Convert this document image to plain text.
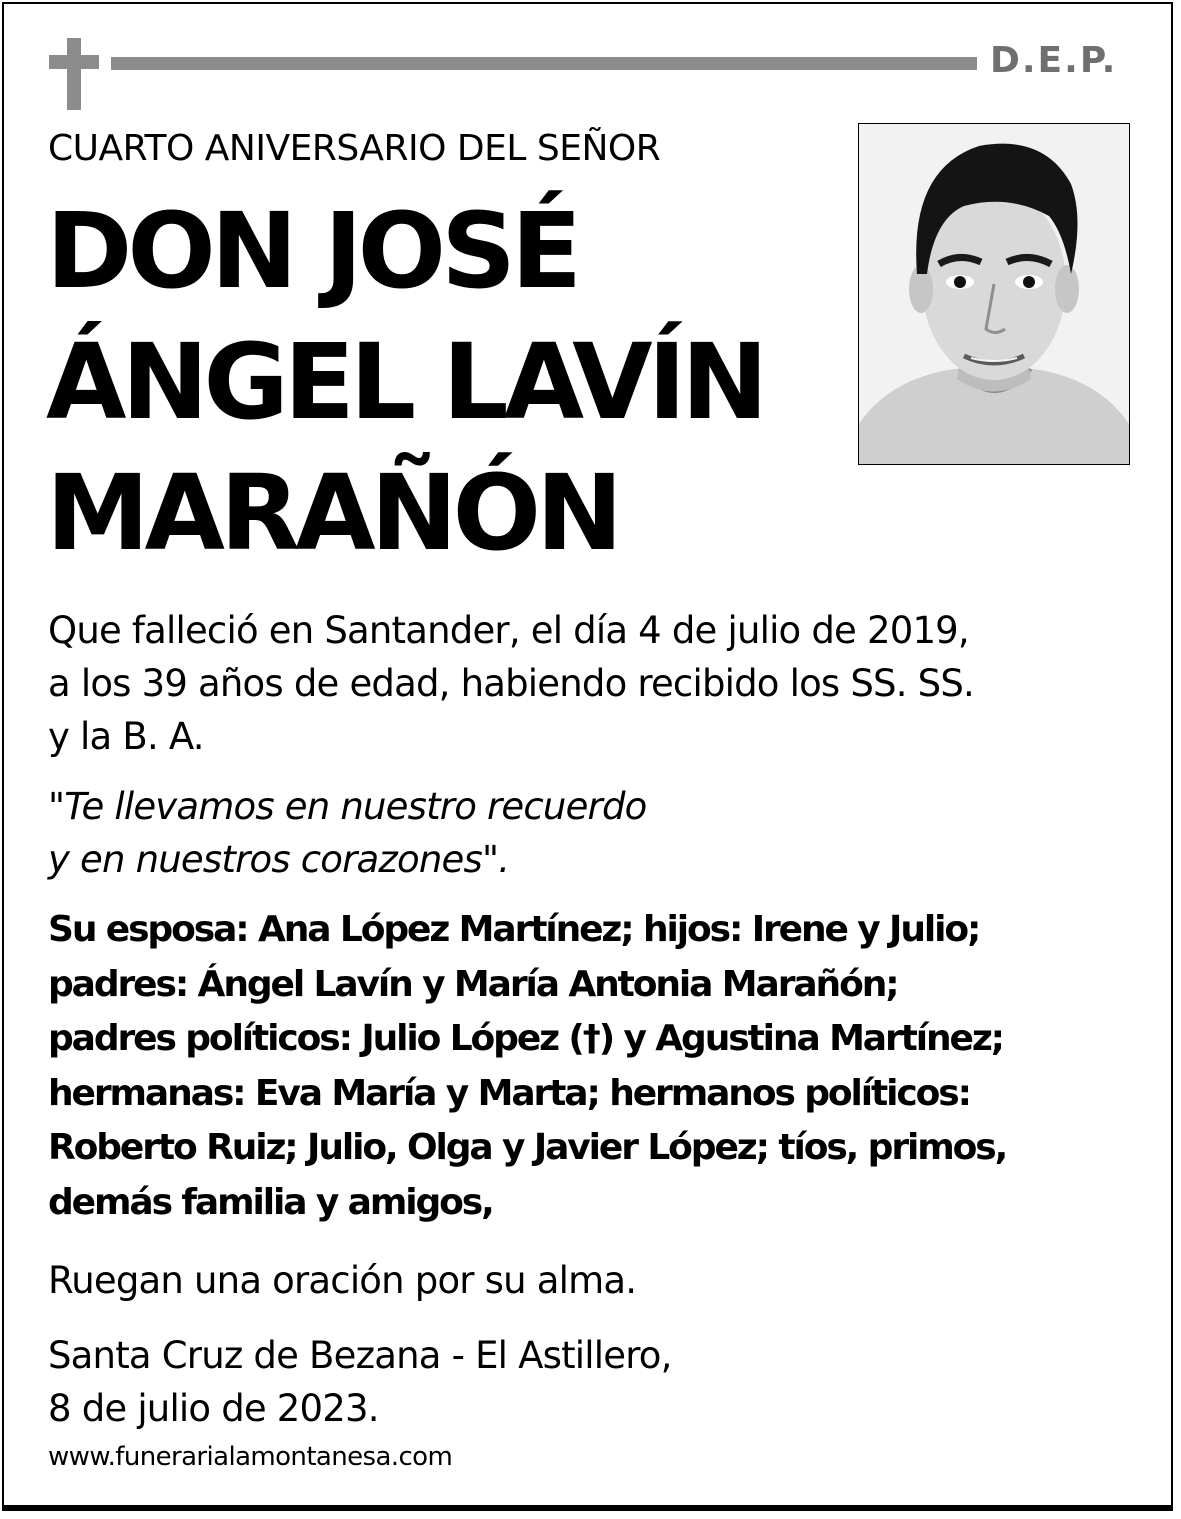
D.E.P.
CUARTO ANIVERSARIO DEL SEÑOR
DON JOSÉ
ÁNGEL LAVÍN
MARAÑÓN
Que falleció en Santander, el día 4 de julio de 2019,
a los 39 años de edad, habiendo recibido los SS. SS.
y la B. A.
"Te llevamos en nuestro recuerdo
y en nuestros corazones".
Su esposa: Ana López Martínez; hijos: Irene y Julio;
padres: Ángel Lavín y María Antonia Marañón;
padres políticos: Julio López (†) y Agustina Martínez;
hermanas: Eva María y Marta; hermanos políticos:
Roberto Ruiz; Julio, Olga y Javier López; tíos, primos,
demás familia y amigos,
Ruegan una oración por su alma.
Santa Cruz de Bezana - El Astillero,
8 de julio de 2023.
www.funerarialamontanesa.com
